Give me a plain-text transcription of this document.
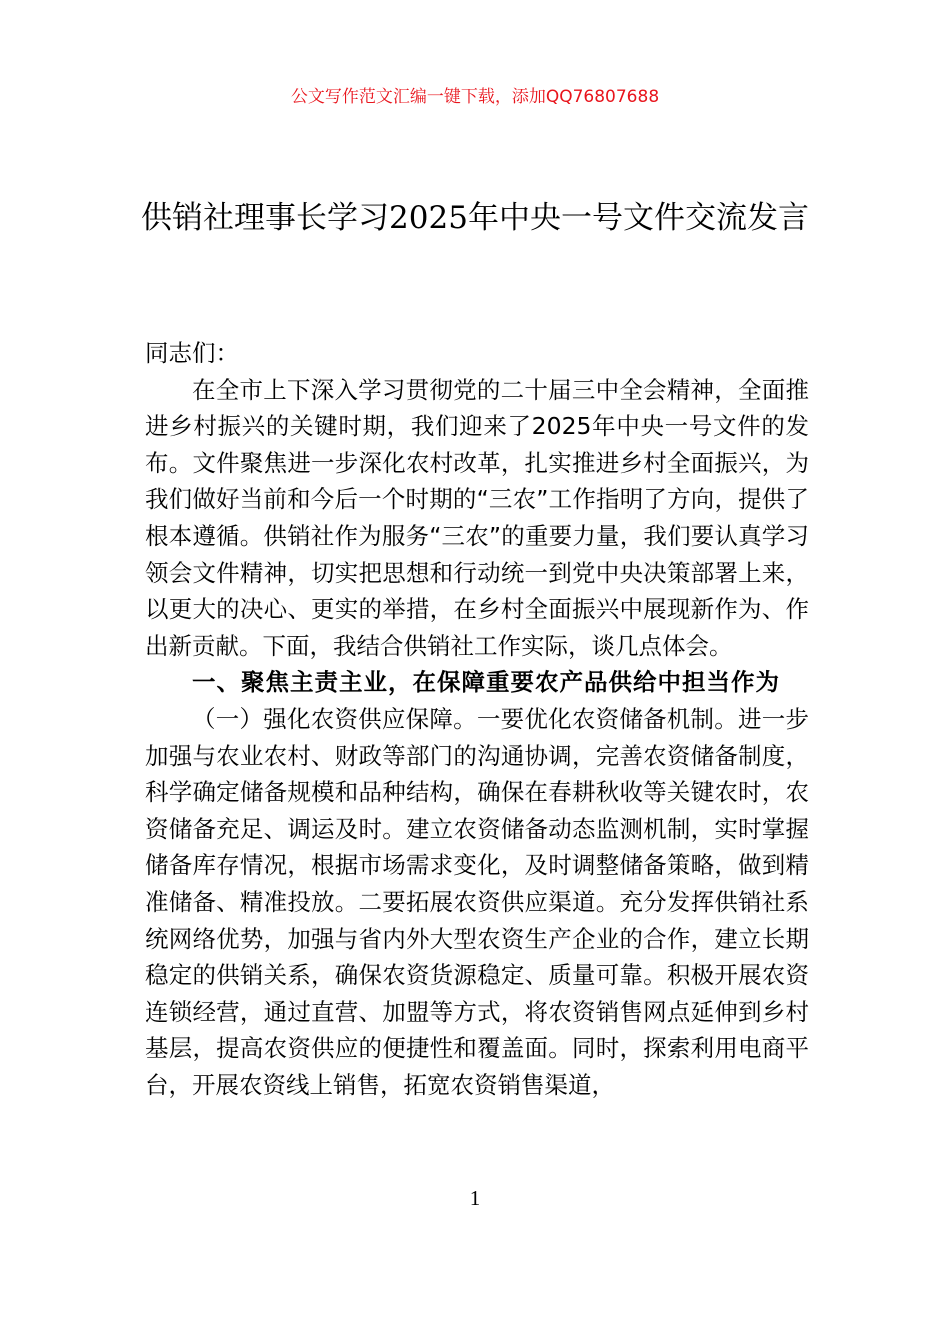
公文写作范文汇编一键下载，添加QQ76807688
供销社理事长学习2025年中央一号文件交流发言

同志们：

在全市上下深入学习贯彻党的二十届三中全会精神，全面推进乡村振兴的关键时期，我们迎来了2025年中央一号文件的发布。文件聚焦进一步深化农村改革，扎实推进乡村全面振兴，为我们做好当前和今后一个时期的“三农”工作指明了方向，提供了根本遵循。供销社作为服务“三农”的重要力量，我们要认真学习领会文件精神，切实把思想和行动统一到党中央决策部署上来，以更大的决心、更实的举措，在乡村全面振兴中展现新作为、作出新贡献。下面，我结合供销社工作实际，谈几点体会。

一、聚焦主责主业，在保障重要农产品供给中担当作为

（一）强化农资供应保障。一要优化农资储备机制。进一步加强与农业农村、财政等部门的沟通协调，完善农资储备制度，科学确定储备规模和品种结构，确保在春耕秋收等关键农时，农资储备充足、调运及时。建立农资储备动态监测机制，实时掌握储备库存情况，根据市场需求变化，及时调整储备策略，做到精准储备、精准投放。二要拓展农资供应渠道。充分发挥供销社系统网络优势，加强与省内外大型农资生产企业的合作，建立长期稳定的供销关系，确保农资货源稳定、质量可靠。积极开展农资连锁经营，通过直营、加盟等方式，将农资销售网点延伸到乡村基层，提高农资供应的便捷性和覆盖面。同时，探索利用电商平台，开展农资线上销售，拓宽农资销售渠道，

1
